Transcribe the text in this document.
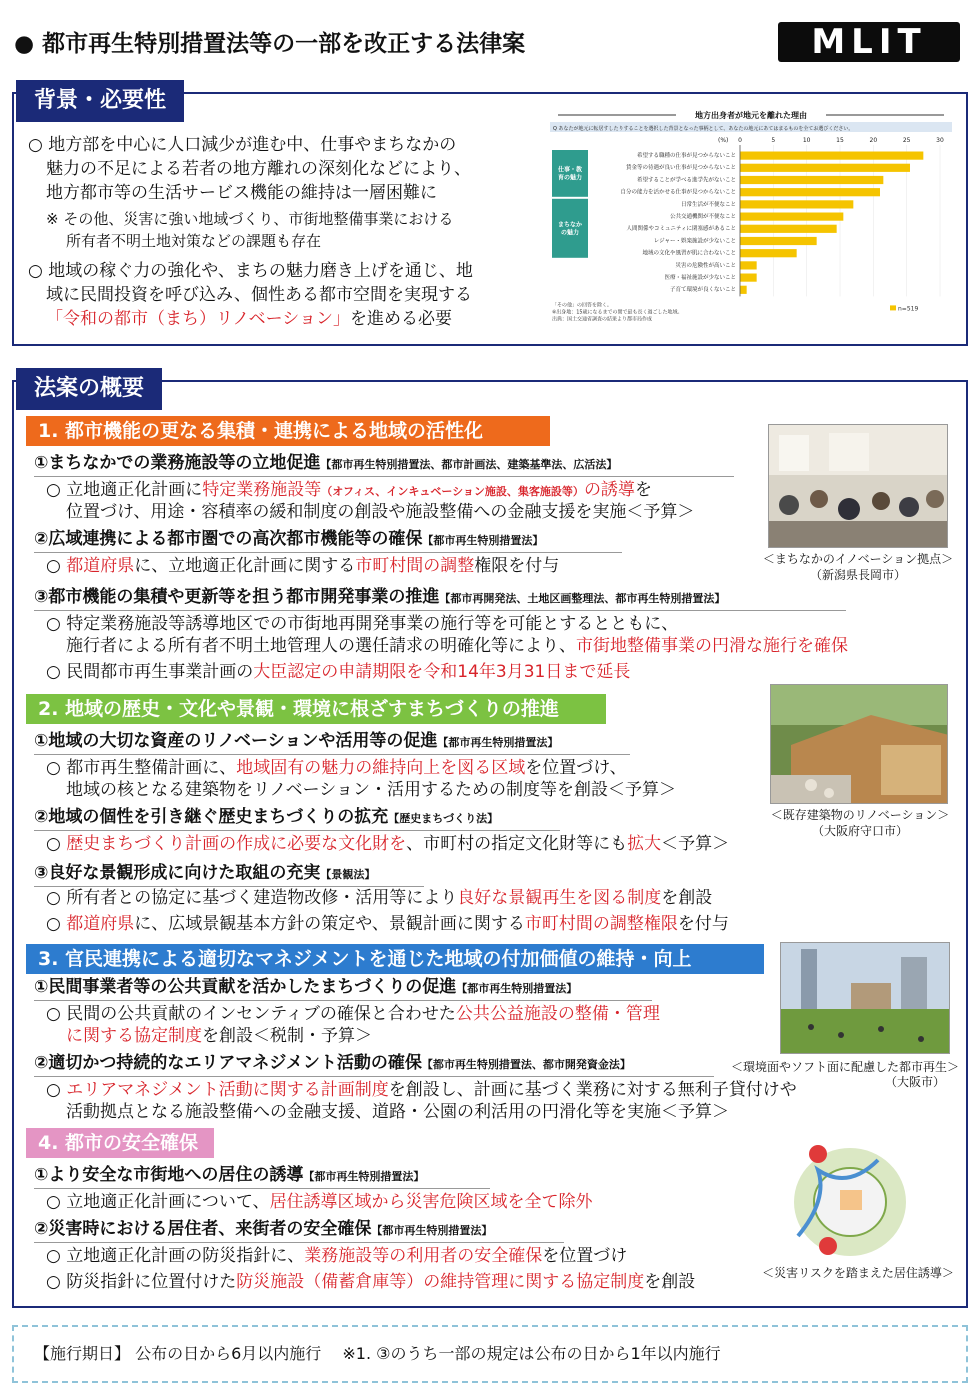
● 都市再生特別措置法等の一部を改正する法律案	MLIT
背景・必要性
○ 地方部を中心に人口減少が進む中、仕事やまちなかの
魅力の不足による若者の地方離れの深刻化などにより、
地方都市等の生活サービス機能の維持は一層困難に
※ その他、災害に強い地域づくり、市街地整備事業における
所有者不明土地対策などの課題も存在
○ 地域の稼ぐ力の強化や、まちの魅力磨き上げを通じ、地
域に民間投資を呼び込み、個性ある都市空間を実現する
「令和の都市（まち）リノベーション」を進める必要
地方出身者が地元を離れた理由
Q あなたが地元に転居すしたりすることを選択した背景となった事柄として、あなたの地元にあてはまるものを全てお選びください。
(%) 0	5	10	15	20	25	30
仕事・教
育の魅力
まちなか
の魅力
希望する職種の仕事が見つからないこと
賃金等の待遇が良い仕事が見つからないこと
希望することが学べる進学先がないこと
自分の能力を活かせる仕事が見つからないこと
日常生活が不便なこと
公共交通機関が不便なこと
人間関係やコミュニティに閉塞感があること
レジャー・娯楽施設が少ないこと
地域の文化や風習が肌に合わないこと
災害の危険性が高いこと
医療・福祉施設が少ないこと
子育て環境が良くないこと
「その他」の回答を除く。
※出身地：15歳になるまでの間で最も長く過ごした地域。
出典：国土交通省調査の結果より都市局作成
n=519
法案の概要
1. 都市機能の更なる集積・連携による地域の活性化
①まちなかでの業務施設等の立地促進【都市再生特別措置法、都市計画法、建築基準法、広活法】
○ 立地適正化計画に特定業務施設等（オフィス、インキュベーション施設、集客施設等）の誘導を
位置づけ、用途・容積率の緩和制度の創設や施設整備への金融支援を実施＜予算＞
②広域連携による都市圏での高次都市機能等の確保【都市再生特別措置法】
○ 都道府県に、立地適正化計画に関する市町村間の調整権限を付与
③都市機能の集積や更新等を担う都市開発事業の推進【都市再開発法、土地区画整理法、都市再生特別措置法】
○ 特定業務施設等誘導地区での市街地再開発事業の施行等を可能とするとともに、
施行者による所有者不明土地管理人の選任請求の明確化等により、市街地整備事業の円滑な施行を確保
○ 民間都市再生事業計画の大臣認定の申請期限を令和14年3月31日まで延長
＜まちなかのイノベーション拠点＞
（新潟県長岡市）
2. 地域の歴史・文化や景観・環境に根ざすまちづくりの推進
①地域の大切な資産のリノベーションや活用等の促進【都市再生特別措置法】
○ 都市再生整備計画に、地域固有の魅力の維持向上を図る区域を位置づけ、
地域の核となる建築物をリノベーション・活用するための制度等を創設＜予算＞
②地域の個性を引き継ぐ歴史まちづくりの拡充【歴史まちづくり法】
○ 歴史まちづくり計画の作成に必要な文化財を、市町村の指定文化財等にも拡大＜予算＞
③良好な景観形成に向けた取組の充実【景観法】
○ 所有者との協定に基づく建造物改修・活用等により良好な景観再生を図る制度を創設
○ 都道府県に、広域景観基本方針の策定や、景観計画に関する市町村間の調整権限を付与
＜既存建築物のリノベーション＞
（大阪府守口市）
3. 官民連携による適切なマネジメントを通じた地域の付加価値の維持・向上
①民間事業者等の公共貢献を活かしたまちづくりの促進【都市再生特別措置法】
○ 民間の公共貢献のインセンティブの確保と合わせた公共公益施設の整備・管理
に関する協定制度を創設＜税制・予算＞
②適切かつ持続的なエリアマネジメント活動の確保【都市再生特別措置法、都市開発資金法】
○ エリアマネジメント活動に関する計画制度を創設し、計画に基づく業務に対する無利子貸付けや
活動拠点となる施設整備への金融支援、道路・公園の利活用の円滑化等を実施＜予算＞
＜環境面やソフト面に配慮した都市再生＞
（大阪市）
4. 都市の安全確保
①より安全な市街地への居住の誘導【都市再生特別措置法】
○ 立地適正化計画について、居住誘導区域から災害危険区域を全て除外
②災害時における居住者、来街者の安全確保【都市再生特別措置法】
○ 立地適正化計画の防災指針に、業務施設等の利用者の安全確保を位置づけ
○ 防災指針に位置付けた防災施設（備蓄倉庫等）の維持管理に関する協定制度を創設	＜災害リスクを踏まえた居住誘導＞
【施行期日】 公布の日から6月以内施行　 ※1. ③のうち一部の規定は公布の日から1年以内施行
